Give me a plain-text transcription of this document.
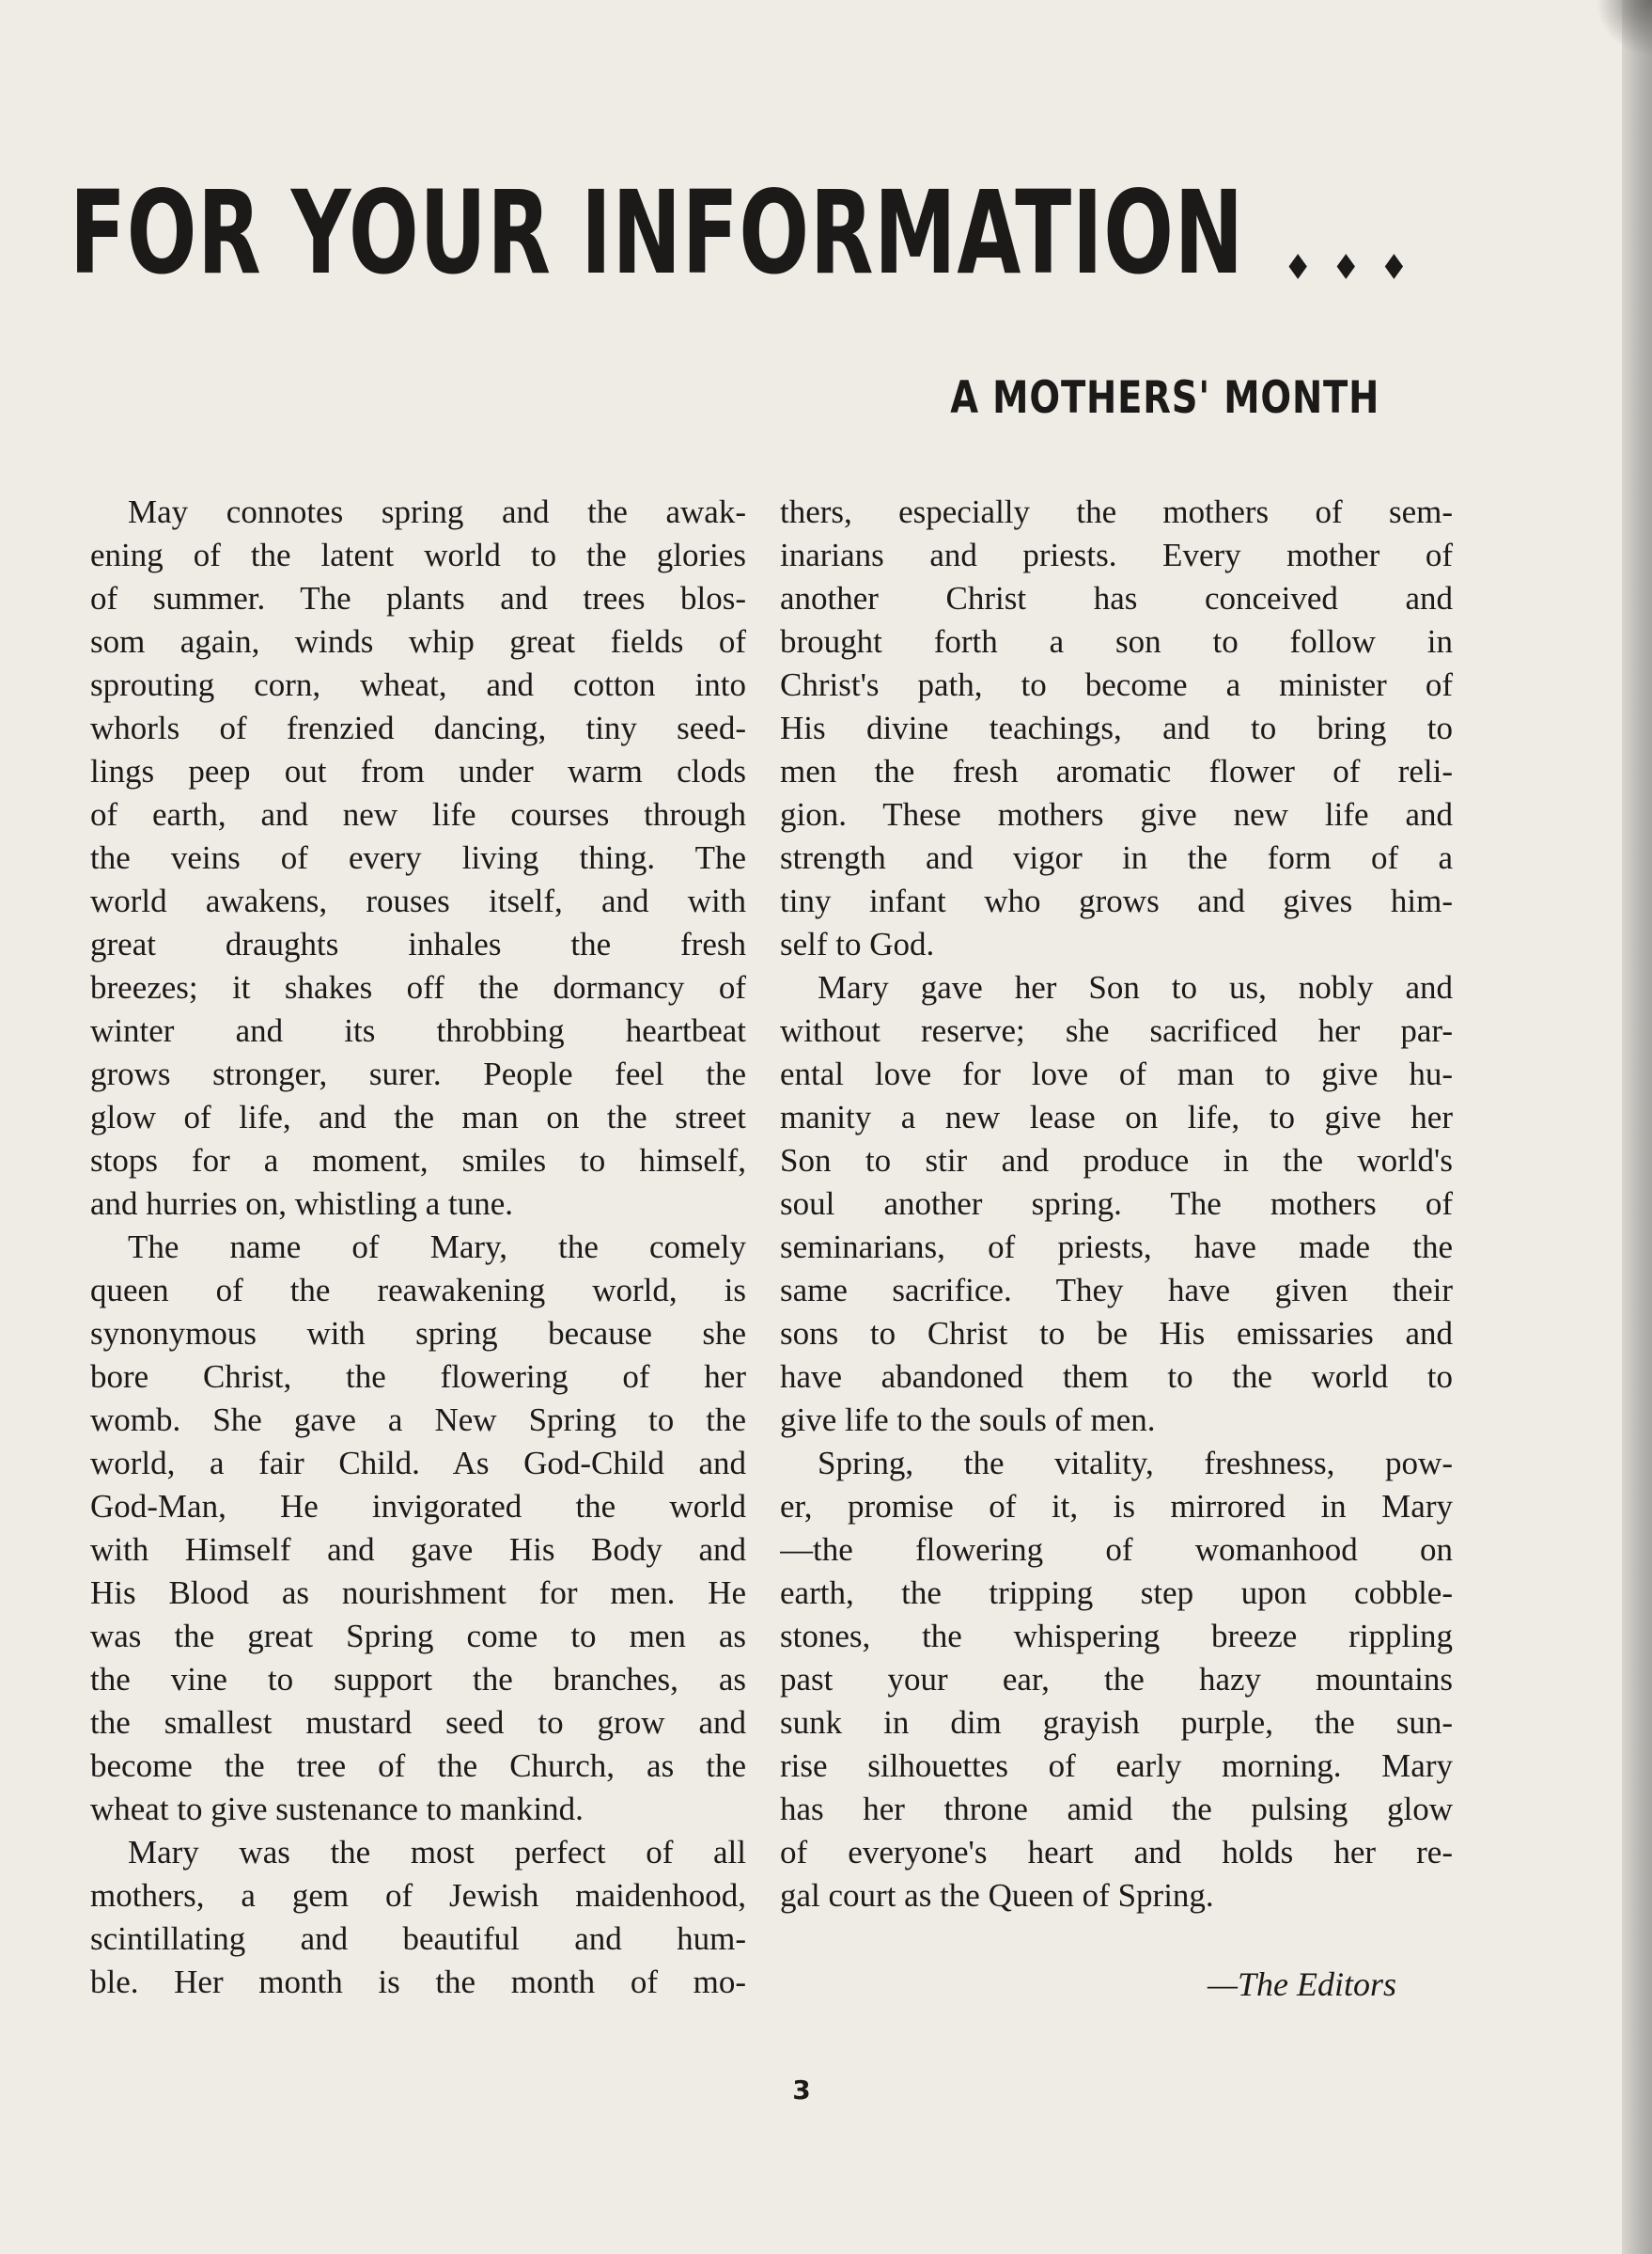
FOR YOUR INFORMATION
A MOTHERS' MONTH
May connotes spring and the awak-
ening of the latent world to the glories
of summer. The plants and trees blos-
som again, winds whip great fields of
sprouting corn, wheat, and cotton into
whorls of frenzied dancing, tiny seed-
lings peep out from under warm clods
of earth, and new life courses through
the veins of every living thing. The
world awakens, rouses itself, and with
great draughts inhales the fresh
breezes; it shakes off the dormancy of
winter and its throbbing heartbeat
grows stronger, surer. People feel the
glow of life, and the man on the street
stops for a moment, smiles to himself,
and hurries on, whistling a tune.
The name of Mary, the comely
queen of the reawakening world, is
synonymous with spring because she
bore Christ, the flowering of her
womb. She gave a New Spring to the
world, a fair Child. As God-Child and
God-Man, He invigorated the world
with Himself and gave His Body and
His Blood as nourishment for men. He
was the great Spring come to men as
the vine to support the branches, as
the smallest mustard seed to grow and
become the tree of the Church, as the
wheat to give sustenance to mankind.
Mary was the most perfect of all
mothers, a gem of Jewish maidenhood,
scintillating and beautiful and hum-
ble. Her month is the month of mo-
thers, especially the mothers of sem-
inarians and priests. Every mother of
another Christ has conceived and
brought forth a son to follow in
Christ's path, to become a minister of
His divine teachings, and to bring to
men the fresh aromatic flower of reli-
gion. These mothers give new life and
strength and vigor in the form of a
tiny infant who grows and gives him-
self to God.
Mary gave her Son to us, nobly and
without reserve; she sacrificed her par-
ental love for love of man to give hu-
manity a new lease on life, to give her
Son to stir and produce in the world's
soul another spring. The mothers of
seminarians, of priests, have made the
same sacrifice. They have given their
sons to Christ to be His emissaries and
have abandoned them to the world to
give life to the souls of men.
Spring, the vitality, freshness, pow-
er, promise of it, is mirrored in Mary
—the flowering of womanhood on
earth, the tripping step upon cobble-
stones, the whispering breeze rippling
past your ear, the hazy mountains
sunk in dim grayish purple, the sun-
rise silhouettes of early morning. Mary
has her throne amid the pulsing glow
of everyone's heart and holds her re-
gal court as the Queen of Spring.
—The Editors
3
